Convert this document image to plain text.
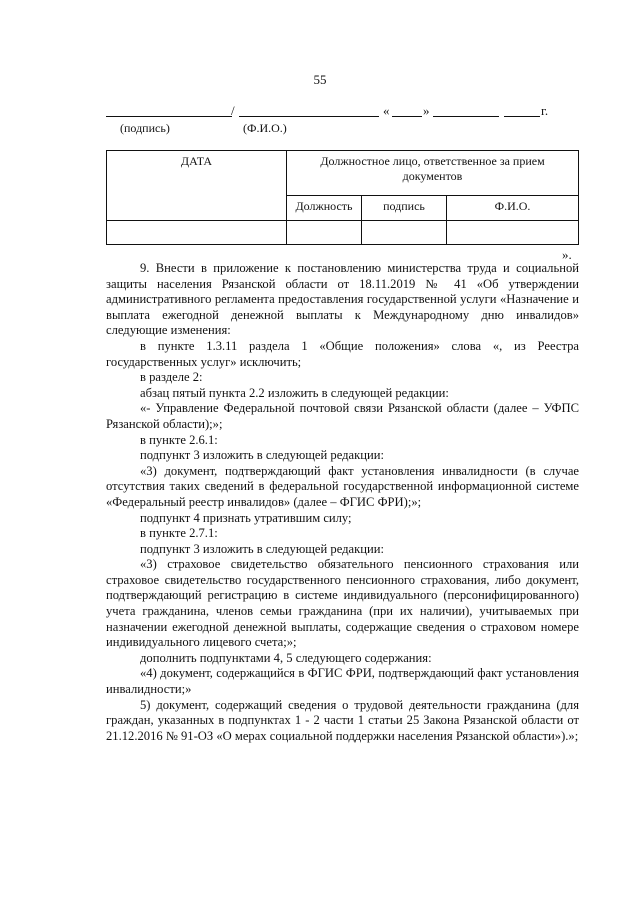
55
/	«	»	г.
(подпись)	(Ф.И.О.)
ДАТА	Должностное лицо, ответственное за прием документов		
	Должность	подпись	Ф.И.О.

».

9. Внести в приложение к постановлению министерства труда и социальной защиты населения Рязанской области от 18.11.2019 № 41 «Об утверждении административного регламента предоставления государственной услуги «Назначение и выплата ежегодной денежной выплаты к Международному дню инвалидов» следующие изменения:

в пункте 1.3.11 раздела 1 «Общие положения» слова «, из Реестра государственных услуг» исключить;

в разделе 2:

абзац пятый пункта 2.2 изложить в следующей редакции:

«- Управление Федеральной почтовой связи Рязанской области (далее – УФПС Рязанской области);»;

в пункте 2.6.1:

подпункт 3 изложить в следующей редакции:

«3) документ, подтверждающий факт установления инвалидности (в случае отсутствия таких сведений в федеральной государственной информационной системе «Федеральный реестр инвалидов» (далее – ФГИС ФРИ);»;

подпункт 4 признать утратившим силу;

в пункте 2.7.1:

подпункт 3 изложить в следующей редакции:

«3) страховое свидетельство обязательного пенсионного страхования или страховое свидетельство государственного пенсионного страхования, либо документ, подтверждающий регистрацию в системе индивидуального (персонифицированного) учета гражданина, членов семьи гражданина (при их наличии), учитываемых при назначении ежегодной денежной выплаты, содержащие сведения о страховом номере индивидуального лицевого счета;»;

дополнить подпунктами 4, 5 следующего содержания:

«4) документ, содержащийся в ФГИС ФРИ, подтверждающий факт установления инвалидности;»

5) документ, содержащий сведения о трудовой деятельности гражданина (для граждан, указанных в подпунктах 1 - 2 части 1 статьи 25 Закона Рязанской области от 21.12.2016 № 91-ОЗ «О мерах социальной поддержки населения Рязанской области»).»;
